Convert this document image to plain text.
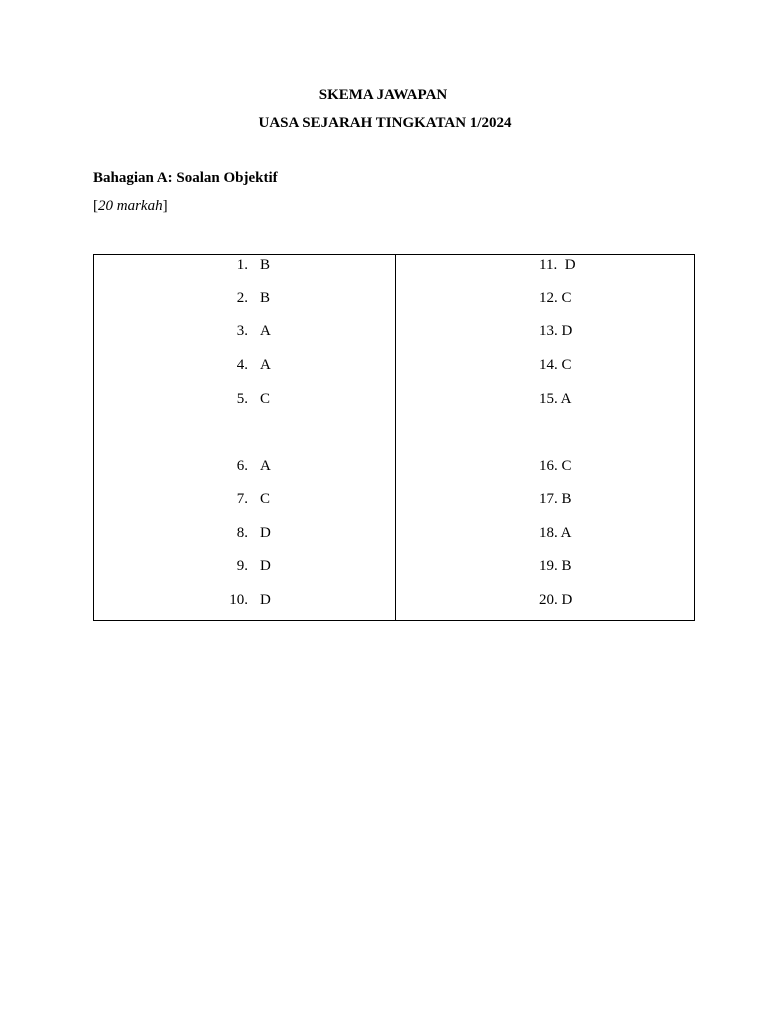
SKEMA JAWAPAN
UASA SEJARAH TINGKATAN 1/2024
Bahagian A: Soalan Objektif
[20 markah]
1. B
2. B
3. A
4. A
5. C
6. A
7. C
8. D
9. D
10. D
11.  D
12. C
13. D
14. C
15. A
16. C
17. B
18. A
19. B
20. D
